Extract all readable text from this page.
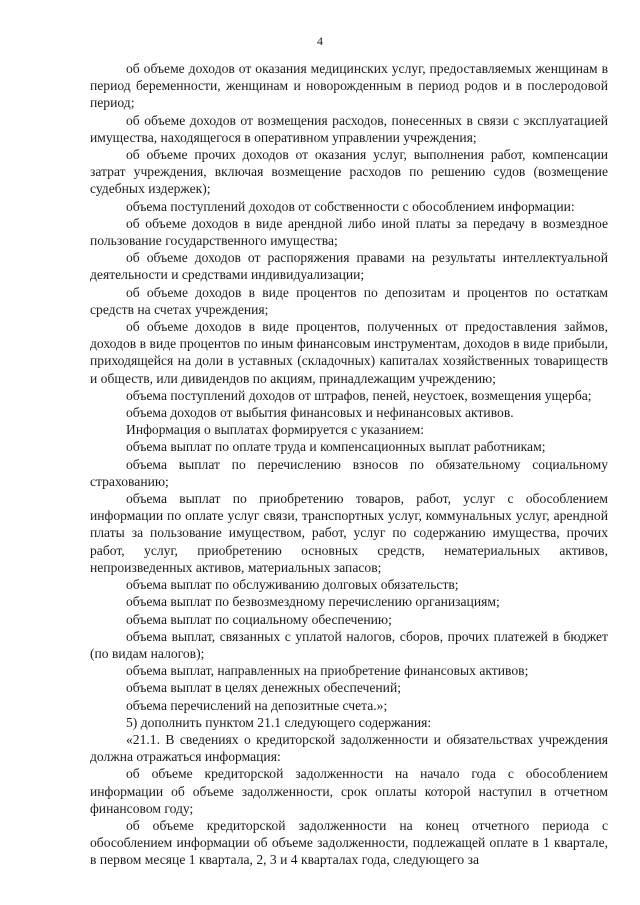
4

об объеме доходов от оказания медицинских услуг, предоставляемых женщинам в период беременности, женщинам и новорожденным в период родов и в послеродовой период;

об объеме доходов от возмещения расходов, понесенных в связи с эксплуатацией имущества, находящегося в оперативном управлении учреждения;

об объеме прочих доходов от оказания услуг, выполнения работ, компенсации затрат учреждения, включая возмещение расходов по решению судов (возмещение судебных издержек);

объема поступлений доходов от собственности с обособлением информации:

об объеме доходов в виде арендной либо иной платы за передачу в возмездное пользование государственного имущества;

об объеме доходов от распоряжения правами на результаты интеллектуальной деятельности и средствами индивидуализации;

об объеме доходов в виде процентов по депозитам и процентов по остаткам средств на счетах учреждения;

об объеме доходов в виде процентов, полученных от предоставления займов, доходов в виде процентов по иным финансовым инструментам, доходов в виде прибыли, приходящейся на доли в уставных (складочных) капиталах хозяйственных товариществ и обществ, или дивидендов по акциям, принадлежащим учреждению;

объема поступлений доходов от штрафов, пеней, неустоек, возмещения ущерба;

объема доходов от выбытия финансовых и нефинансовых активов.

Информация о выплатах формируется с указанием:

объема выплат по оплате труда и компенсационных выплат работникам;

объема выплат по перечислению взносов по обязательному социальному страхованию;

объема выплат по приобретению товаров, работ, услуг с обособлением информации по оплате услуг связи, транспортных услуг, коммунальных услуг, арендной платы за пользование имуществом, работ, услуг по содержанию имущества, прочих работ, услуг, приобретению основных средств, нематериальных активов, непроизведенных активов, материальных запасов;

объема выплат по обслуживанию долговых обязательств;

объема выплат по безвозмездному перечислению организациям;

объема выплат по социальному обеспечению;

объема выплат, связанных с уплатой налогов, сборов, прочих платежей в бюджет (по видам налогов);

объема выплат, направленных на приобретение финансовых активов;

объема выплат в целях денежных обеспечений;

объема перечислений на депозитные счета.»;

5) дополнить пунктом 21.1 следующего содержания:

«21.1. В сведениях о кредиторской задолженности и обязательствах учреждения должна отражаться информация:

об объеме кредиторской задолженности на начало года с обособлением информации об объеме задолженности, срок оплаты которой наступил в отчетном финансовом году;

об объеме кредиторской задолженности на конец отчетного периода с обособлением информации об объеме задолженности, подлежащей оплате в 1 квартале, в первом месяце 1 квартала, 2, 3 и 4 кварталах года, следующего за
